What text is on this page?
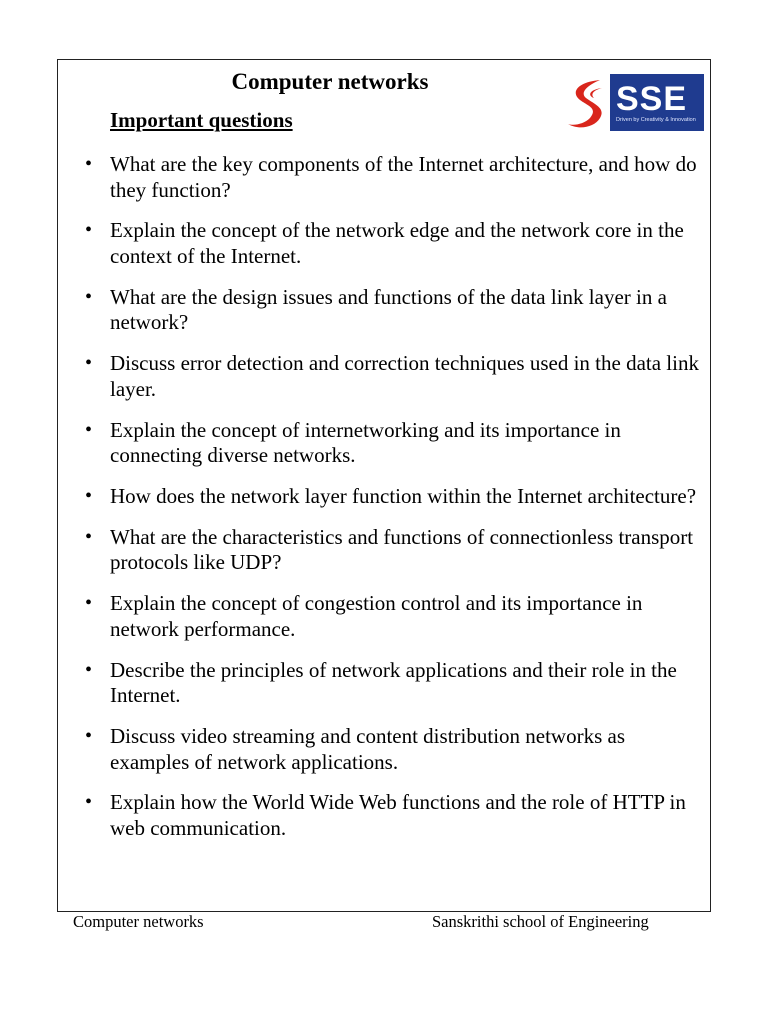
Computer networks
Important questions
SSE
Driven by Creativity & Innovation
• What are the key components of the Internet architecture, and how do they function?
• Explain the concept of the network edge and the network core in the context of the Internet.
• What are the design issues and functions of the data link layer in a network?
• Discuss error detection and correction techniques used in the data link layer.
• Explain the concept of internetworking and its importance in connecting diverse networks.
• How does the network layer function within the Internet architecture?
• What are the characteristics and functions of connectionless transport protocols like UDP?
• Explain the concept of congestion control and its importance in network performance.
• Describe the principles of network applications and their role in the Internet.
• Discuss video streaming and content distribution networks as examples of network applications.
• Explain how the World Wide Web functions and the role of HTTP in web communication.
Computer networks	Sanskrithi school of Engineering
